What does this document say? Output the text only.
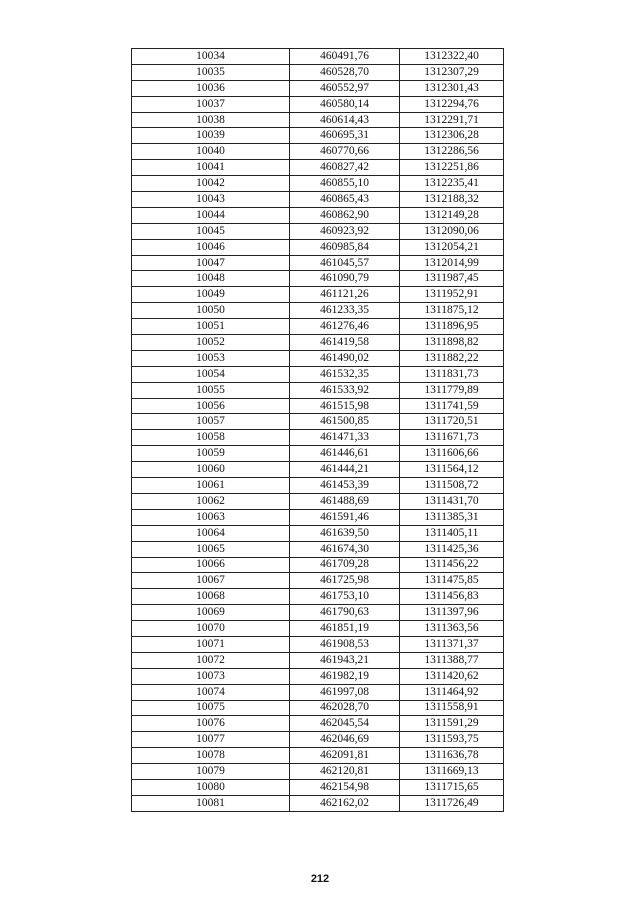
10034	460491,76	1312322,40
10035	460528,70	1312307,29
10036	460552,97	1312301,43
10037	460580,14	1312294,76
10038	460614,43	1312291,71
10039	460695,31	1312306,28
10040	460770,66	1312286,56
10041	460827,42	1312251,86
10042	460855,10	1312235,41
10043	460865,43	1312188,32
10044	460862,90	1312149,28
10045	460923,92	1312090,06
10046	460985,84	1312054,21
10047	461045,57	1312014,99
10048	461090,79	1311987,45
10049	461121,26	1311952,91
10050	461233,35	1311875,12
10051	461276,46	1311896,95
10052	461419,58	1311898,82
10053	461490,02	1311882,22
10054	461532,35	1311831,73
10055	461533,92	1311779,89
10056	461515,98	1311741,59
10057	461500,85	1311720,51
10058	461471,33	1311671,73
10059	461446,61	1311606,66
10060	461444,21	1311564,12
10061	461453,39	1311508,72
10062	461488,69	1311431,70
10063	461591,46	1311385,31
10064	461639,50	1311405,11
10065	461674,30	1311425,36
10066	461709,28	1311456,22
10067	461725,98	1311475,85
10068	461753,10	1311456,83
10069	461790,63	1311397,96
10070	461851,19	1311363,56
10071	461908,53	1311371,37
10072	461943,21	1311388,77
10073	461982,19	1311420,62
10074	461997,08	1311464,92
10075	462028,70	1311558,91
10076	462045,54	1311591,29
10077	462046,69	1311593,75
10078	462091,81	1311636,78
10079	462120,81	1311669,13
10080	462154,98	1311715,65
10081	462162,02	1311726,49
212
